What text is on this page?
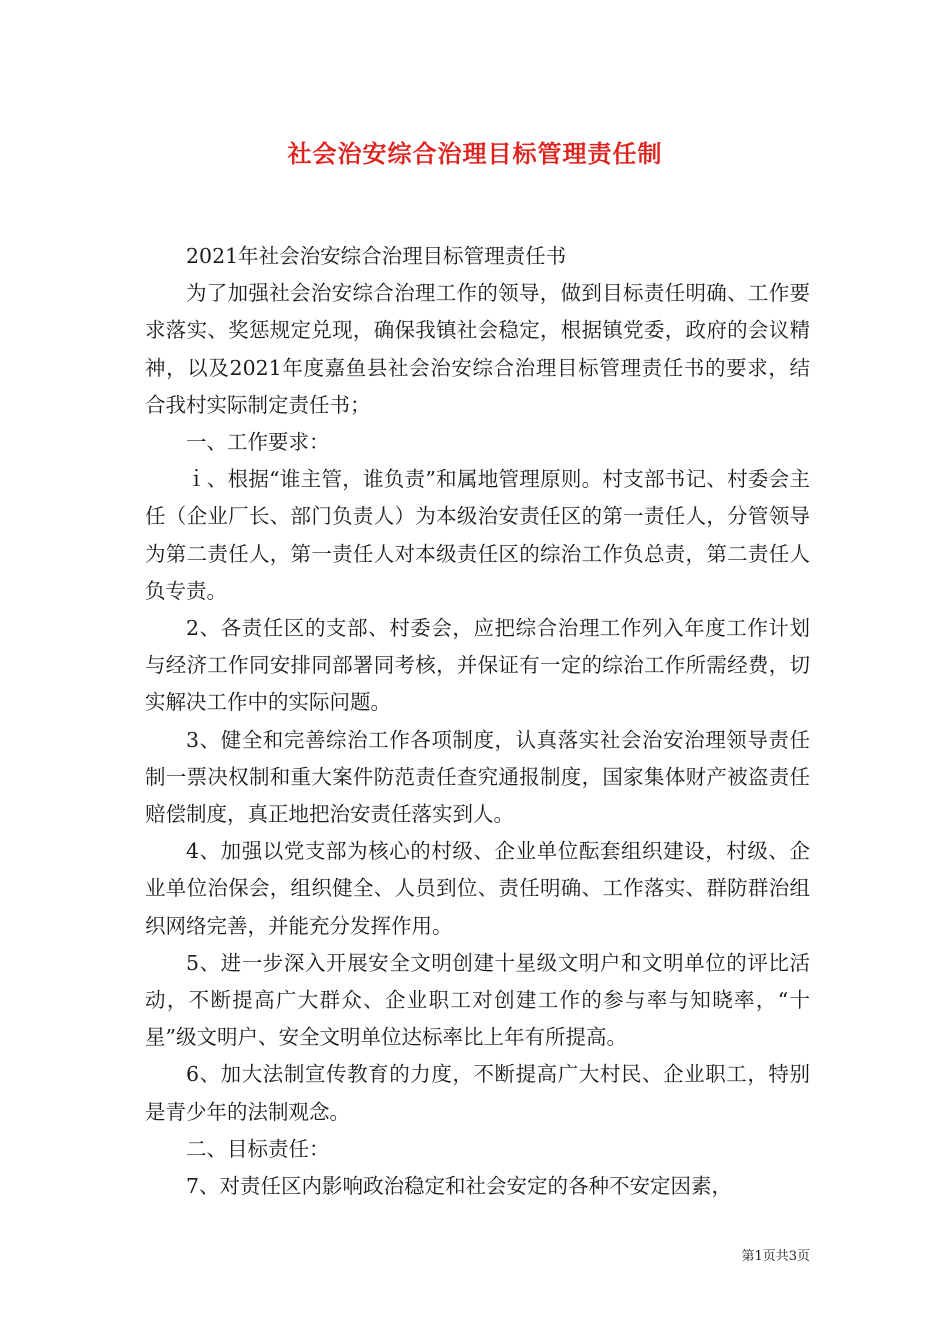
社会治安综合治理目标管理责任制

2021年社会治安综合治理目标管理责任书

为了加强社会治安综合治理工作的领导，做到目标责任明确、工作要求落实、奖惩规定兑现，确保我镇社会稳定，根据镇党委，政府的会议精神，以及2021年度嘉鱼县社会治安综合治理目标管理责任书的要求，结合我村实际制定责任书；

一、工作要求：

ｉ、根据“谁主管，谁负责”和属地管理原则。村支部书记、村委会主任（企业厂长、部门负责人）为本级治安责任区的第一责任人，分管领导为第二责任人，第一责任人对本级责任区的综治工作负总责，第二责任人负专责。

2、各责任区的支部、村委会，应把综合治理工作列入年度工作计划与经济工作同安排同部署同考核，并保证有一定的综治工作所需经费，切实解决工作中的实际问题。

3、健全和完善综治工作各项制度，认真落实社会治安治理领导责任制一票决权制和重大案件防范责任查究通报制度，国家集体财产被盗责任赔偿制度，真正地把治安责任落实到人。

4、加强以党支部为核心的村级、企业单位酝套组织建设，村级、企业单位治保会，组织健全、人员到位、责任明确、工作落实、群防群治组织网络完善，并能充分发挥作用。

5、进一步深入开展安全文明创建十星级文明户和文明单位的评比活动，不断提高广大群众、企业职工对创建工作的参与率与知晓率，“十星”级文明户、安全文明单位达标率比上年有所提高。

6、加大法制宣传教育的力度，不断提高广大村民、企业职工，特别是青少年的法制观念。

二、目标责任：

7、对责任区内影响政治稳定和社会安定的各种不安定因素，

第1页共3页
